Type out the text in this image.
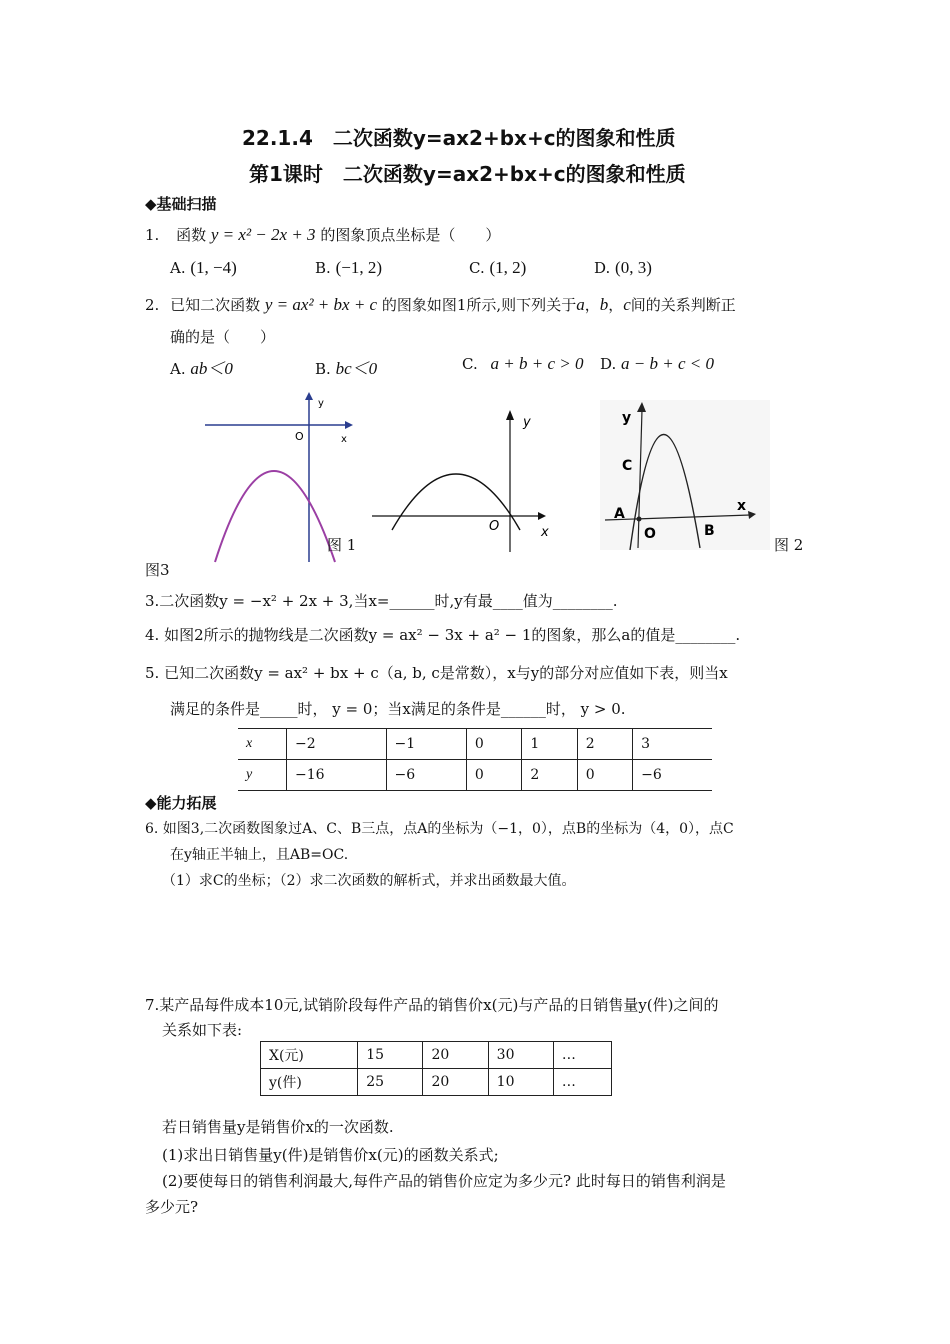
22.1.4　二次函数y=ax2+bx+c的图象和性质
第1课时　二次函数y=ax2+bx+c的图象和性质
◆基础扫描
1. 函数 y = x² − 2x + 3 的图象顶点坐标是（　　）
A. (1, −4)	B. (−1, 2)	C. (1, 2)	D. (0, 3)
2. 已知二次函数 y = ax² + bx + c 的图象如图1所示,则下列关于a，b，c间的关系判断正
确的是（　　）
A. ab＜0	B. bc＜0	C. a + b + c > 0 D. a − b + c < 0
y
x
O
y
x
O
y
x
C
A
O	B
图 1	图 2
图3
3.二次函数y = −x² + 2x + 3,当x=______时,y有最____值为________.
4. 如图2所示的抛物线是二次函数y = ax² − 3x + a² − 1的图象，那么a的值是________.
5. 已知二次函数y = ax² + bx + c（a, b, c是常数），x与y的部分对应值如下表，则当x
满足的条件是_____时， y = 0；当x满足的条件是______时， y > 0.
x	−2	−1	0	1	2	3
y	−16	−6	0	2	0	−6
◆能力拓展
6. 如图3,二次函数图象过A、C、B三点，点A的坐标为（−1，0），点B的坐标为（4，0），点C
在y轴正半轴上，且AB=OC.
（1）求C的坐标；（2）求二次函数的解析式，并求出函数最大值。
7.某产品每件成本10元,试销阶段每件产品的销售价x(元)与产品的日销售量y(件)之间的
关系如下表:
X(元)	15	20	30	…
y(件)	25	20	10	…
若日销售量y是销售价x的一次函数.
(1)求出日销售量y(件)是销售价x(元)的函数关系式;
(2)要使每日的销售利润最大,每件产品的销售价应定为多少元? 此时每日的销售利润是
多少元?
